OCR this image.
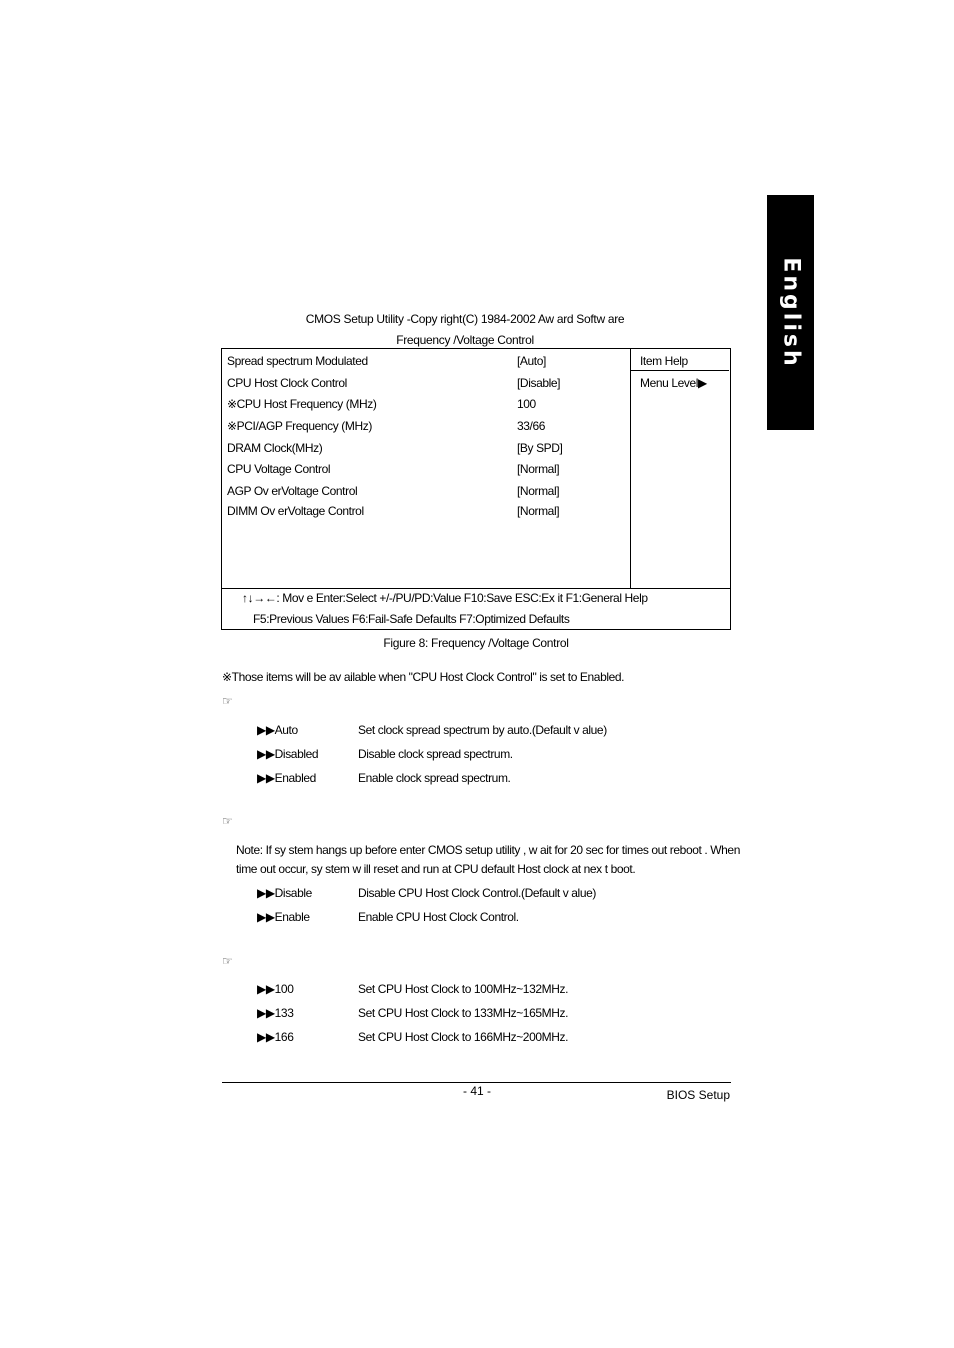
English
CMOS Setup Utility -Copy right(C) 1984-2002 Aw ard Softw are
Frequency /Voltage Control
Spread spectrum Modulated	[Auto]
CPU Host Clock Control	[Disable]
※CPU Host Frequency (MHz)	100
※PCI/AGP Frequency (MHz)	33/66
DRAM Clock(MHz)	[By SPD]
CPU Voltage Control	[Normal]
AGP Ov erVoltage Control	[Normal]
DIMM Ov erVoltage Control	[Normal]
Item Help
Menu Level▶
↑↓→←: Mov e Enter:Select +/-/PU/PD:Value F10:Save ESC:Ex it F1:General Help
F5:Previous Values F6:Fail-Safe Defaults F7:Optimized Defaults
Figure 8: Frequency /Voltage Control
※Those items will be av ailable when "CPU Host Clock Control" is set to Enabled.
☞
▶▶Auto	Set clock spread spectrum by auto.(Default v alue)
▶▶Disabled	Disable clock spread spectrum.
▶▶Enabled	Enable clock spread spectrum.
☞
Note: If sy stem hangs up before enter CMOS setup utility , w ait for 20 sec for times out reboot . When
time out occur, sy stem w ill reset and run at CPU default Host clock at nex t boot.
▶▶Disable	Disable CPU Host Clock Control.(Default v alue)
▶▶Enable	Enable CPU Host Clock Control.
☞
▶▶100	Set CPU Host Clock to 100MHz~132MHz.
▶▶133	Set CPU Host Clock to 133MHz~165MHz.
▶▶166	Set CPU Host Clock to 166MHz~200MHz.
- 41 -	BIOS Setup
